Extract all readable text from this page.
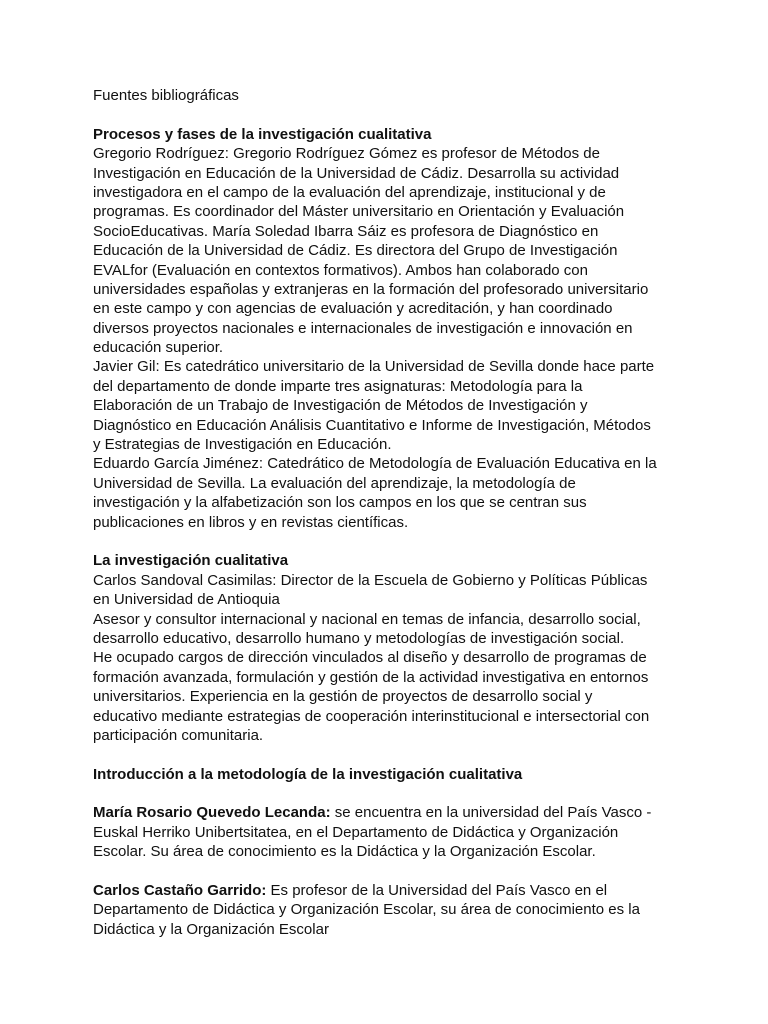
Fuentes bibliográficas
Procesos y fases de la investigación cualitativa
Gregorio Rodríguez: Gregorio Rodríguez Gómez es profesor de Métodos de
Investigación en Educación de la Universidad de Cádiz. Desarrolla su actividad
investigadora en el campo de la evaluación del aprendizaje, institucional y de
programas. Es coordinador del Máster universitario en Orientación y Evaluación
SocioEducativas. María Soledad Ibarra Sáiz es profesora de Diagnóstico en
Educación de la Universidad de Cádiz. Es directora del Grupo de Investigación
EVALfor (Evaluación en contextos formativos). Ambos han colaborado con
universidades españolas y extranjeras en la formación del profesorado universitario
en este campo y con agencias de evaluación y acreditación, y han coordinado
diversos proyectos nacionales e internacionales de investigación e innovación en
educación superior.
Javier Gil: Es catedrático universitario de la Universidad de Sevilla donde hace parte
del departamento de donde imparte tres asignaturas: Metodología para la
Elaboración de un Trabajo de Investigación de Métodos de Investigación y
Diagnóstico en Educación Análisis Cuantitativo e Informe de Investigación, Métodos
y Estrategias de Investigación en Educación.
Eduardo García Jiménez: Catedrático de Metodología de Evaluación Educativa en la
Universidad de Sevilla. La evaluación del aprendizaje, la metodología de
investigación y la alfabetización son los campos en los que se centran sus
publicaciones en libros y en revistas científicas.
La investigación cualitativa
Carlos Sandoval Casimilas: Director de la Escuela de Gobierno y Políticas Públicas
en Universidad de Antioquia
Asesor y consultor internacional y nacional en temas de infancia, desarrollo social,
desarrollo educativo, desarrollo humano y metodologías de investigación social.
He ocupado cargos de dirección vinculados al diseño y desarrollo de programas de
formación avanzada, formulación y gestión de la actividad investigativa en entornos
universitarios. Experiencia en la gestión de proyectos de desarrollo social y
educativo mediante estrategias de cooperación interinstitucional e intersectorial con
participación comunitaria.
Introducción a la metodología de la investigación cualitativa
María Rosario Quevedo Lecanda: se encuentra en la universidad del País Vasco -
Euskal Herriko Unibertsitatea, en el Departamento de Didáctica y Organización
Escolar. Su área de conocimiento es la Didáctica y la Organización Escolar.
Carlos Castaño Garrido: Es profesor de la Universidad del País Vasco en el
Departamento de Didáctica y Organización Escolar, su área de conocimiento es la
Didáctica y la Organización Escolar
